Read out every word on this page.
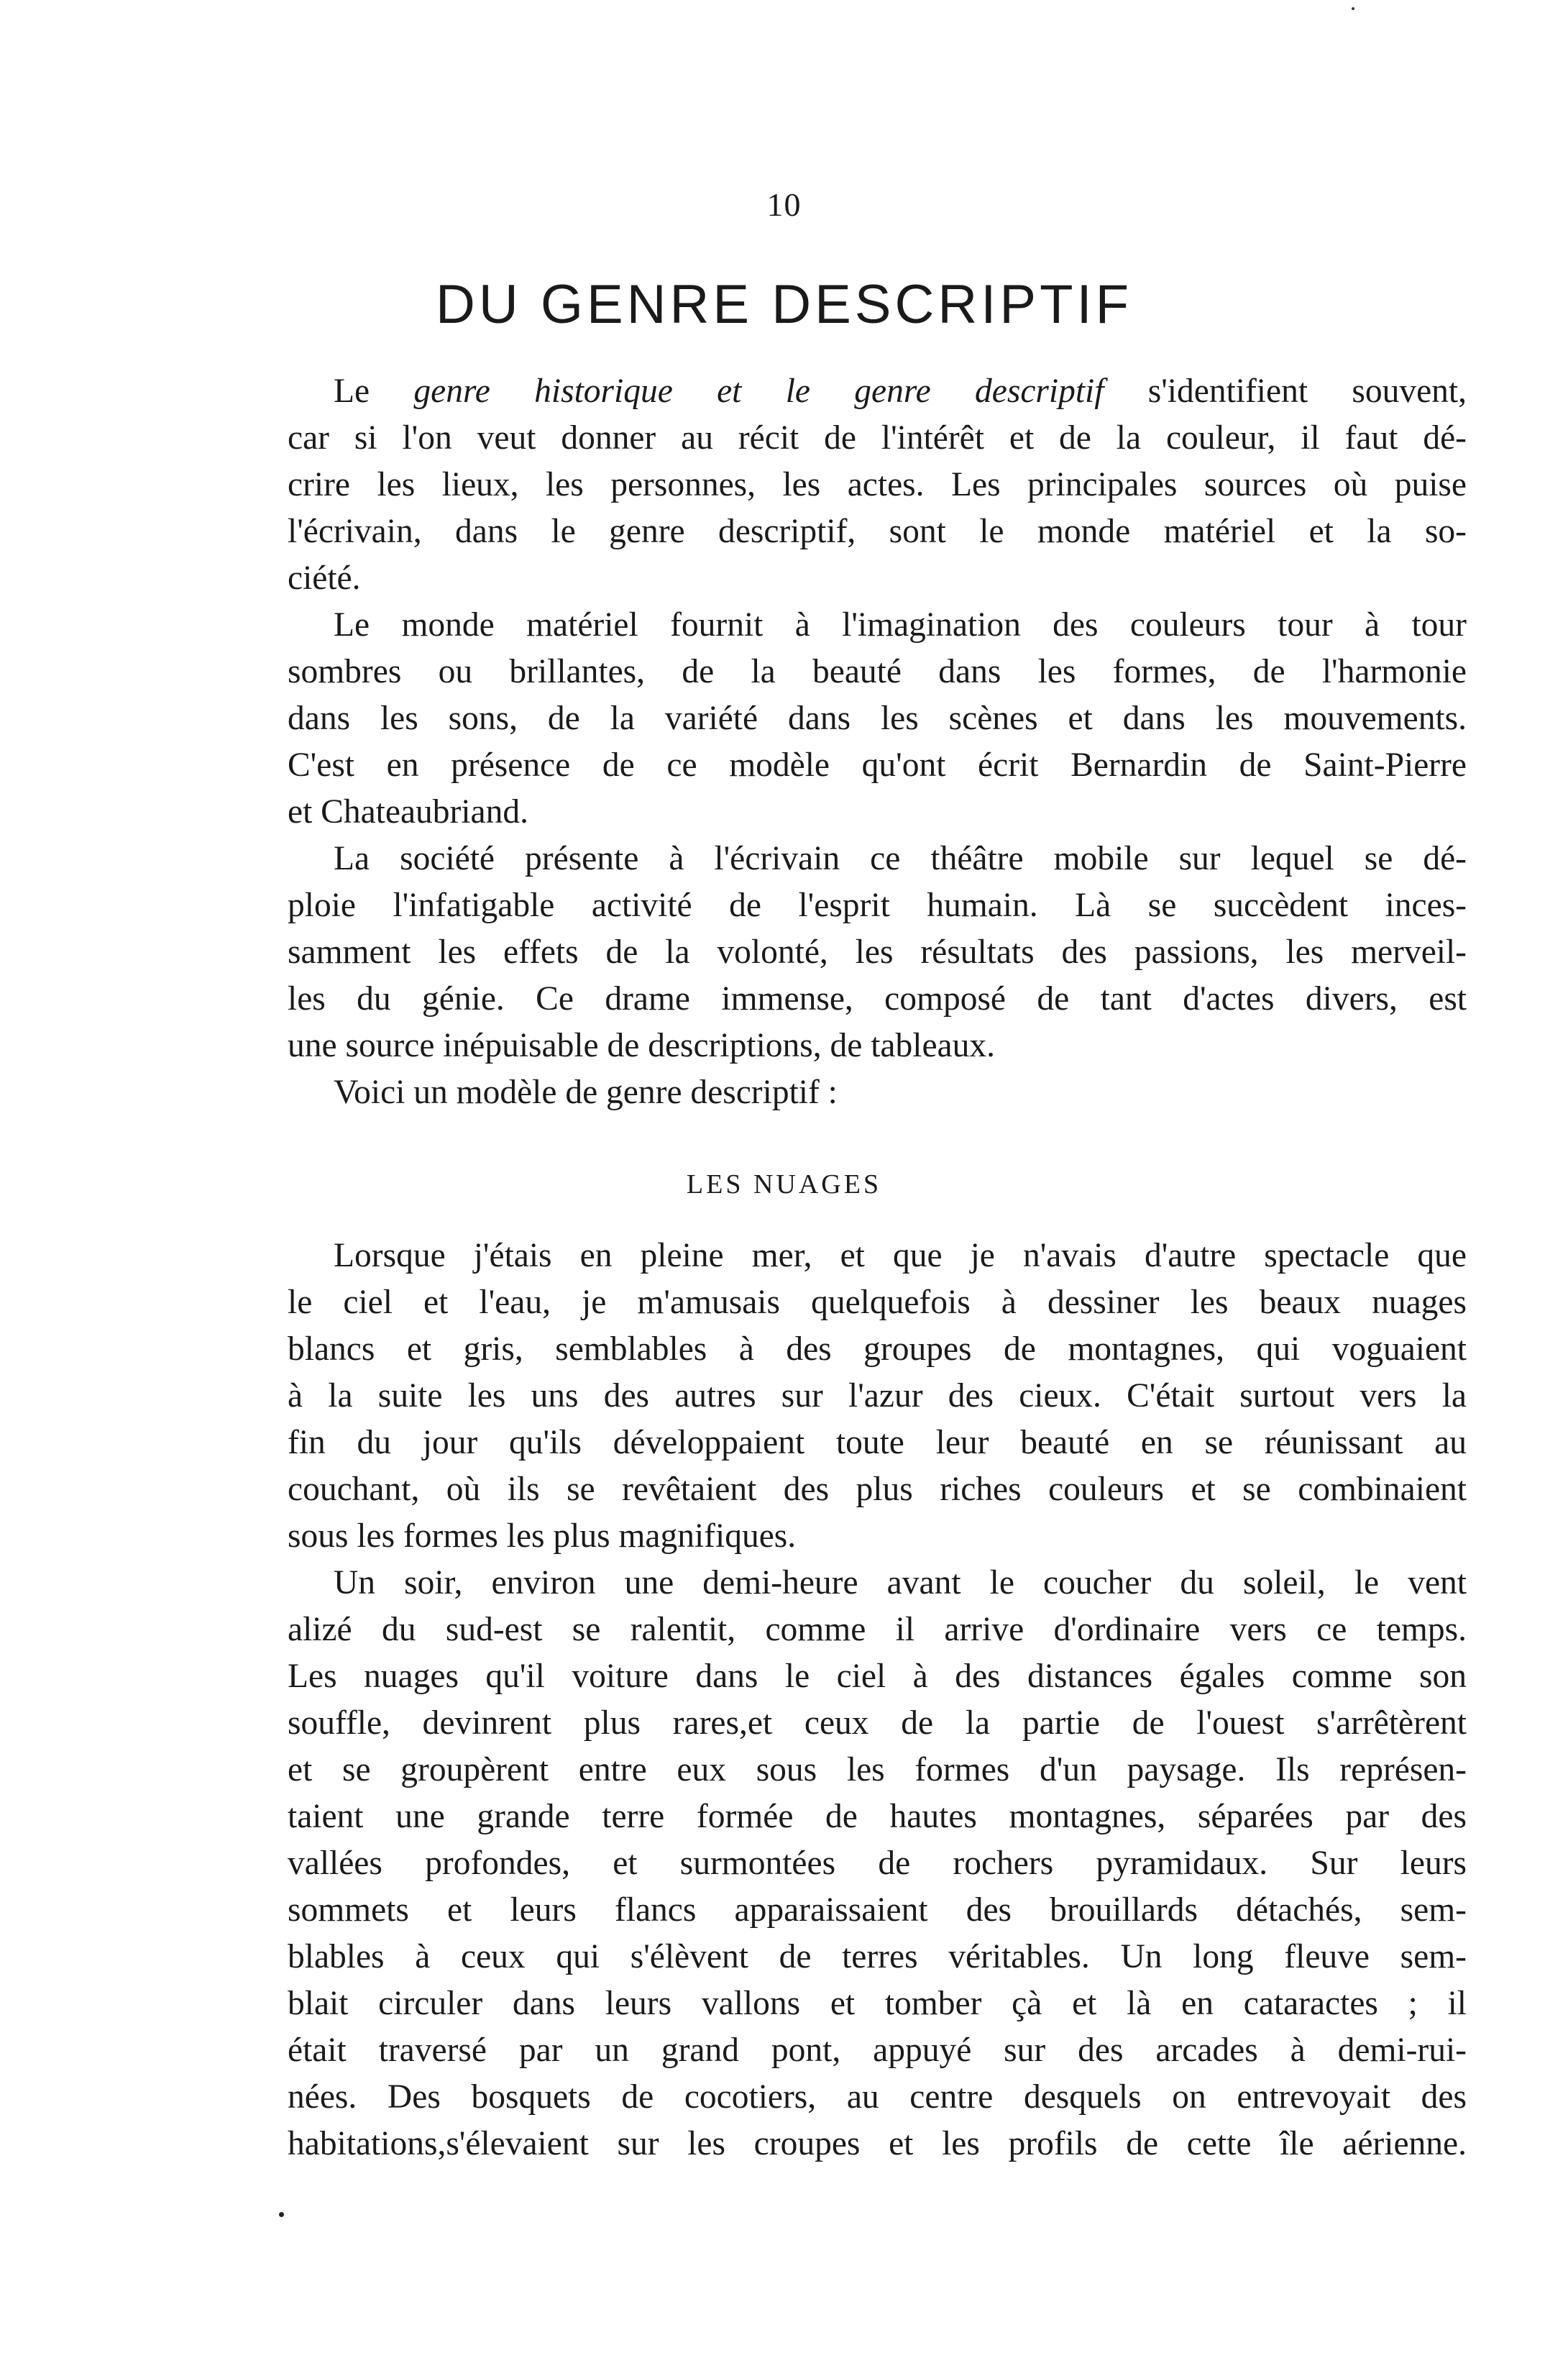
10
DU GENRE DESCRIPTIF
Le genre historique et le genre descriptif s'identifient souvent,
car si l'on veut donner au récit de l'intérêt et de la couleur, il faut dé-
crire les lieux, les personnes, les actes. Les principales sources où puise
l'écrivain, dans le genre descriptif, sont le monde matériel et la so-
ciété.
Le monde matériel fournit à l'imagination des couleurs tour à tour
sombres ou brillantes, de la beauté dans les formes, de l'harmonie
dans les sons, de la variété dans les scènes et dans les mouvements.
C'est en présence de ce modèle qu'ont écrit Bernardin de Saint-Pierre
et Chateaubriand.
La société présente à l'écrivain ce théâtre mobile sur lequel se dé-
ploie l'infatigable activité de l'esprit humain. Là se succèdent inces-
samment les effets de la volonté, les résultats des passions, les merveil-
les du génie. Ce drame immense, composé de tant d'actes divers, est
une source inépuisable de descriptions, de tableaux.
Voici un modèle de genre descriptif :
LES NUAGES
Lorsque j'étais en pleine mer, et que je n'avais d'autre spectacle que
le ciel et l'eau, je m'amusais quelquefois à dessiner les beaux nuages
blancs et gris, semblables à des groupes de montagnes, qui voguaient
à la suite les uns des autres sur l'azur des cieux. C'était surtout vers la
fin du jour qu'ils développaient toute leur beauté en se réunissant au
couchant, où ils se revêtaient des plus riches couleurs et se combinaient
sous les formes les plus magnifiques.
Un soir, environ une demi-heure avant le coucher du soleil, le vent
alizé du sud-est se ralentit, comme il arrive d'ordinaire vers ce temps.
Les nuages qu'il voiture dans le ciel à des distances égales comme son
souffle, devinrent plus rares,et ceux de la partie de l'ouest s'arrêtèrent
et se groupèrent entre eux sous les formes d'un paysage. Ils représen-
taient une grande terre formée de hautes montagnes, séparées par des
vallées profondes, et surmontées de rochers pyramidaux. Sur leurs
sommets et leurs flancs apparaissaient des brouillards détachés, sem-
blables à ceux qui s'élèvent de terres véritables. Un long fleuve sem-
blait circuler dans leurs vallons et tomber çà et là en cataractes ; il
était traversé par un grand pont, appuyé sur des arcades à demi-rui-
nées. Des bosquets de cocotiers, au centre desquels on entrevoyait des
habitations,s'élevaient sur les croupes et les profils de cette île aérienne.
